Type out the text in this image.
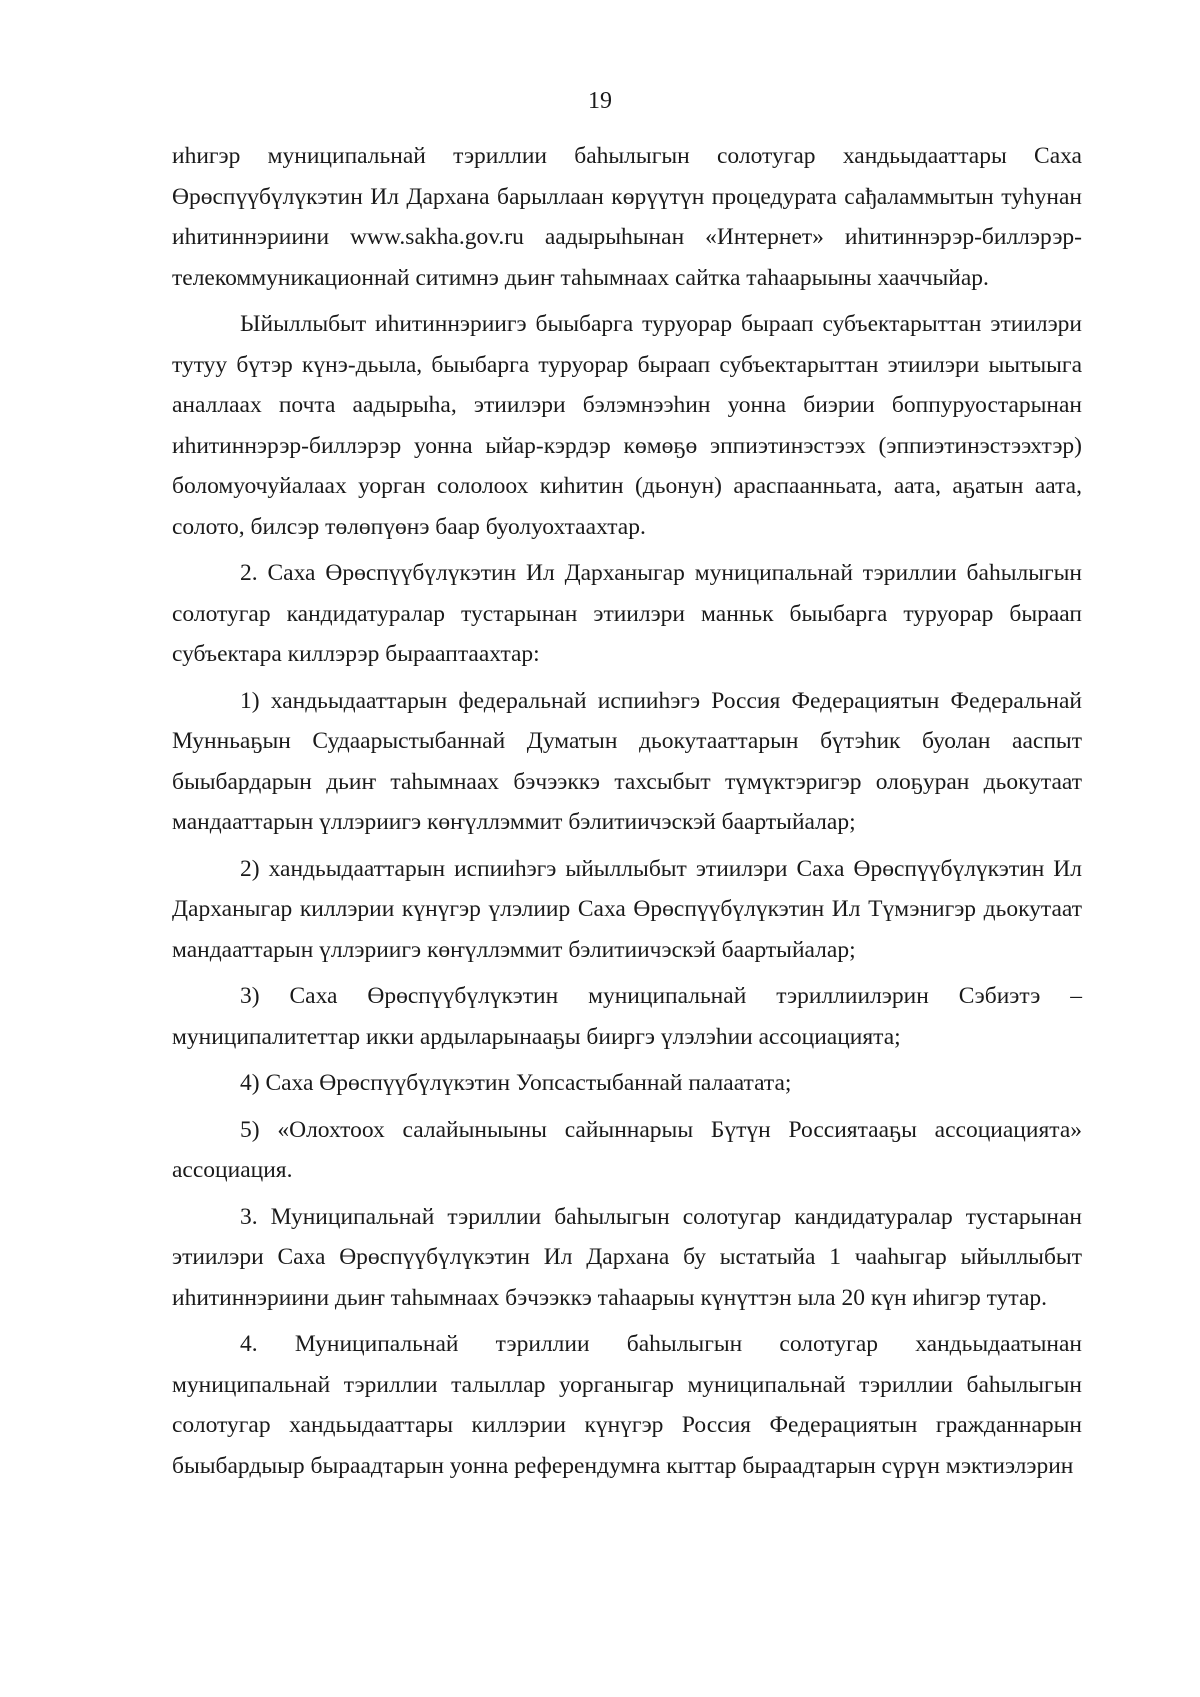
19

иһигэр муниципальнай тэриллии баһылыгын солотугар хандьыдааттары Саха Өрөспүүбүлүкэтин Ил Дархана барыллаан көрүүтүн процедурата сађаламмытын туһунан иһитиннэриини www.sakha.gov.ru аадырыһынан «Интернет» иһитиннэрэр-биллэрэр-телекоммуникационнай ситимнэ дьиҥ таһымнаах сайтка таһаарыыны хааччыйар.

Ыйыллыбыт иһитиннэриигэ быыбарга туруорар быраап субъектарыттан этиилэри тутуу бүтэр күнэ-дьыла, быыбарга туруорар быраап субъектарыттан этиилэри ыытыыга аналлаах почта аадырыһа, этиилэри бэлэмнээһин уонна биэрии боппуруостарынан иһитиннэрэр-биллэрэр уонна ыйар-кэрдэр көмөҕө эппиэтинэстээх (эппиэтинэстээхтэр) боломуочуйалаах уорган сололоох киһитин (дьонун) араспаанньата, аата, аҕатын аата, солото, билсэр төлөпүөнэ баар буолуохтаахтар.

2. Саха Өрөспүүбүлүкэтин Ил Дарханыгар муниципальнай тэриллии баһылыгын солотугар кандидатуралар тустарынан этиилэри манньк быыбарга туруорар быраап субъектара киллэрэр бырааптаахтар:

1) хандьыдааттарын федеральнай испииһэгэ Россия Федерациятын Федеральнай Мунньаҕын Судаарыстыбаннай Думатын дьокутааттарын бүтэһик буолан ааспыт быыбардарын дьиҥ таһымнаах бэчээккэ тахсыбыт түмүктэригэр олоҕуран дьокутаат мандааттарын үллэриигэ көҥүллэммит бэлитиичэскэй баартыйалар;

2) хандьыдааттарын испииһэгэ ыйыллыбыт этиилэри Саха Өрөспүүбүлүкэтин Ил Дарханыгар киллэрии күнүгэр үлэлиир Саха Өрөспүүбүлүкэтин Ил Түмэнигэр дьокутаат мандааттарын үллэриигэ көҥүллэммит бэлитиичэскэй баартыйалар;

3) Саха Өрөспүүбүлүкэтин муниципальнай тэриллиилэрин Сэбиэтэ – муниципалитеттар икки ардыларынааҕы бииргэ үлэлэһии ассоциацията;

4) Саха Өрөспүүбүлүкэтин Уопсастыбаннай палаатата;

5) «Олохтоох салайыныыны сайыннарыы Бүтүн Россиятааҕы ассоциацията» ассоциация.

3. Муниципальнай тэриллии баһылыгын солотугар кандидатуралар тустарынан этиилэри Саха Өрөспүүбүлүкэтин Ил Дархана бу ыстатыйа 1 чааһыгар ыйыллыбыт иһитиннэриини дьиҥ таһымнаах бэчээккэ таһаарыы күнүттэн ыла 20 күн иһигэр тутар.

4. Муниципальнай тэриллии баһылыгын солотугар хандьыдаатынан муниципальнай тэриллии талыллар уорганыгар муниципальнай тэриллии баһылыгын солотугар хандьыдааттары киллэрии күнүгэр Россия Федерациятын гражданнарын быыбардыыр быраадтарын уонна референдумҥа кыттар быраадтарын сүрүн мэктиэлэрин
